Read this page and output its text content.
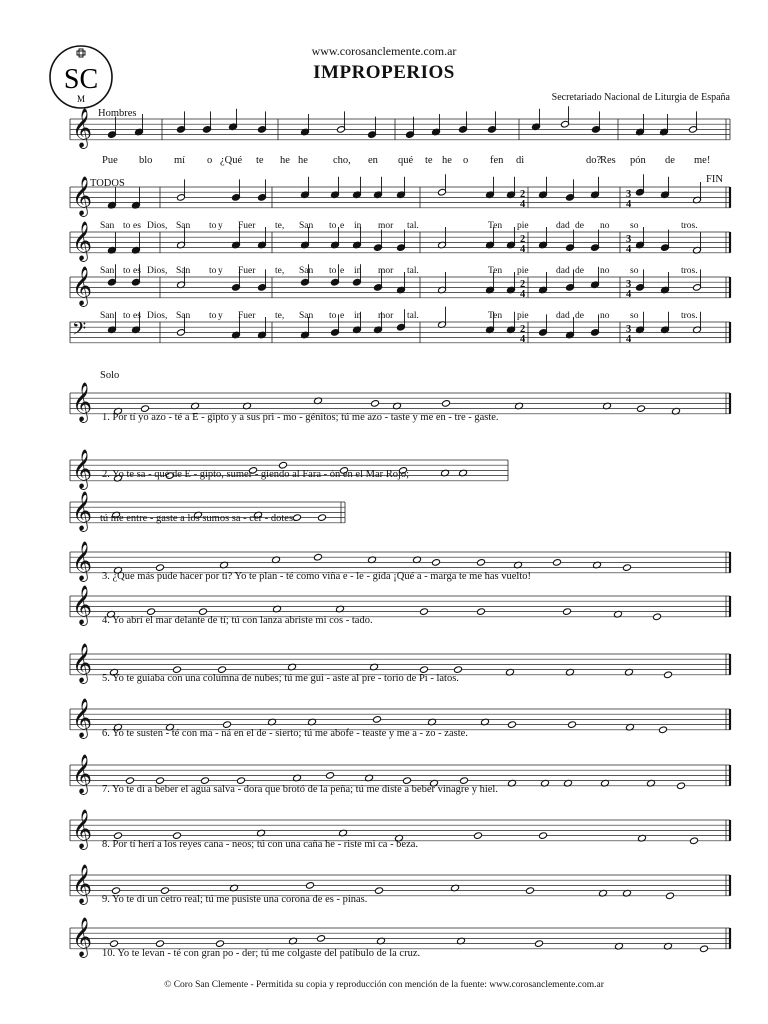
SC
M
www.corosanclemente.com.ar
IMPROPERIOS
Secretariado Nacional de Liturgia de España
𝄞
Pue blo mí o ¿Qué te he he cho, en qué te he o fen di	do?
Res pón de me!
𝄞	2
4
3
4
𝄞	2
4
3
4
𝄞	2
4
3
4
𝄢	2
4
3
4
San to es Dios, San to y Fuer te, San to e in mor tal.	Ten pie	dad de no so	tros.
San to es Dios, San to y Fuer te, San to e in mor tal.	Ten pie	dad de no so	tros.
San to es Dios, San to y Fuer te, San to e in mor tal.	Ten pie	dad de no so	tros.
𝄞 1. Por tí yo azo - té a E - gipto y a sus pri - mo - génitos; tú me azo - taste y me en - tre - gaste.
𝄞 2. Yo te sa - qué de E - gipto, sumer - giendo al Fara - ón en el Mar Rojo;
𝄞 tú me entre - gaste a los sumos sa - cer - dotes.
𝄞 3. ¿Que más pude hacer por ti? Yo te plan - té como viña e - le - gida ¡Qué a - marga te me has vuelto!
𝄞 4. Yo abrí el mar delante de tí; tú con lanza abriste mi cos - tado.
𝄞 5. Yo te guiaba con una columna de nubes; tú me gui - aste al pre - torio de Pi - latos.
𝄞 6. Yo te susten - té con ma - ná en el de - sierto; tú me abofe - teaste y me a - zo - zaste.
𝄞 7. Yo te di a beber el agua salva - dora que brotó de la peña; tú me diste a beber vinagre y hiel.
𝄞 8. Por tí herí a los reyes cana - neos; tú con una caña he - riste mi ca - beza.
𝄞 9. Yo te di un cetro real; tú me pusiste una corona de es - pinas.
𝄞 10. Yo te levan - té con gran po - der; tú me colgaste del patíbulo de la cruz.
Hombres
TODOS	FIN
Solo
© Coro San Clemente - Permitida su copia y reproducción con mención de la fuente: www.corosanclemente.com.ar
